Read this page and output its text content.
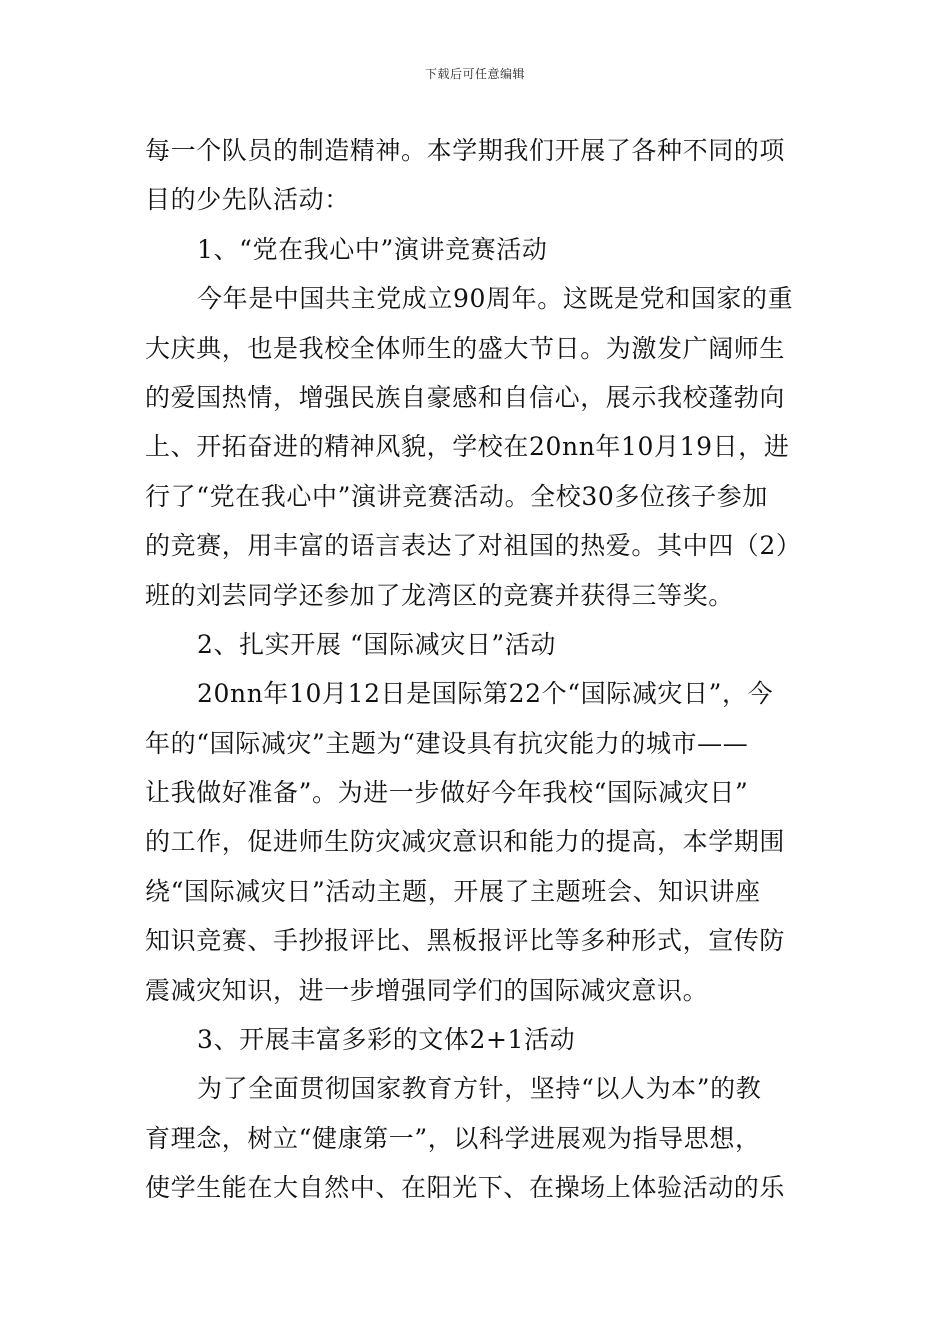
下载后可任意编辑
每一个队员的制造精神。本学期我们开展了各种不同的项
目的少先队活动：
1、“党在我心中”演讲竞赛活动
今年是中国共主党成立90周年。这既是党和国家的重
大庆典，也是我校全体师生的盛大节日。为激发广阔师生
的爱国热情，增强民族自豪感和自信心，展示我校蓬勃向
上、开拓奋进的精神风貌，学校在20nn年10月19日，进
行了“党在我心中”演讲竞赛活动。全校30多位孩子参加
的竞赛，用丰富的语言表达了对祖国的热爱。其中四（2）
班的刘芸同学还参加了龙湾区的竞赛并获得三等奖。
2、扎实开展 “国际减灾日”活动
20nn年10月12日是国际第22个“国际减灾日”，今
年的“国际减灾”主题为“建设具有抗灾能力的城市——
让我做好准备”。为进一步做好今年我校“国际减灾日”
的工作，促进师生防灾减灾意识和能力的提高，本学期围
绕“国际减灾日”活动主题，开展了主题班会、知识讲座
知识竞赛、手抄报评比、黑板报评比等多种形式，宣传防
震减灾知识，进一步增强同学们的国际减灾意识。
3、开展丰富多彩的文体2+1活动
为了全面贯彻国家教育方针，坚持“以人为本”的教
育理念，树立“健康第一”，以科学进展观为指导思想，
使学生能在大自然中、在阳光下、在操场上体验活动的乐
